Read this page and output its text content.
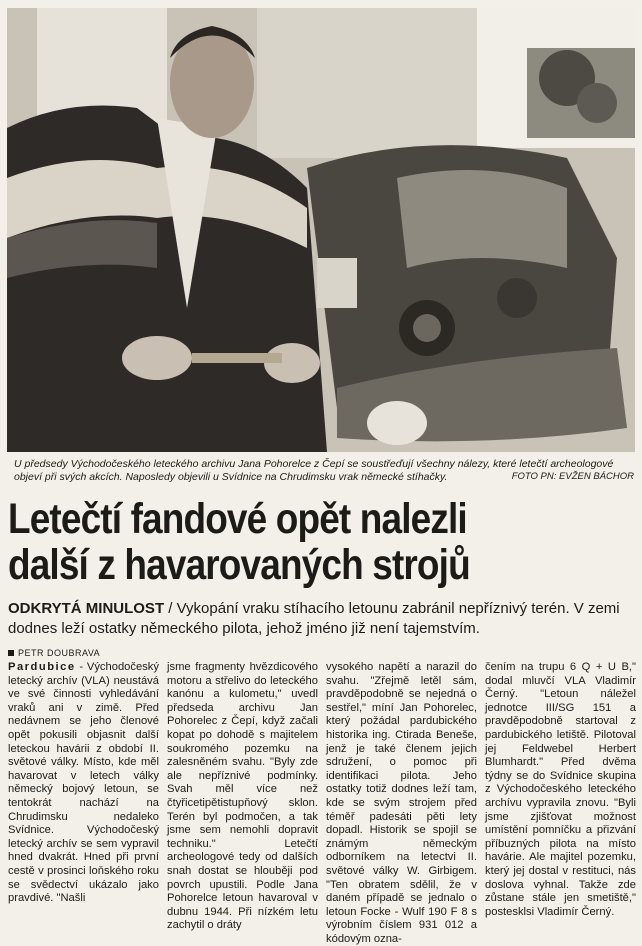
U předsedy Východočeského leteckého archivu Jana Pohorelce z Čepí se soustřeďují všechny nálezy, které letečtí archeologové objeví při svých akcích. Naposledy objevili u Svídnice na Chrudimsku vrak německé stíhačky.	FOTO PN: EVŽEN BÁCHOR
Letečtí fandové opět nalezli
další z havarovaných strojů
ODKRYTÁ MINULOST / Vykopání vraku stíhacího letounu zabránil nepříznivý terén. V zemi dodnes leží ostatky německého pilota, jehož jméno již není tajemstvím.
PETR DOUBRAVA

Pardubice - Východočeský letecký archív (VLA) neustává ve své činnosti vyhledávání vraků ani v zimě. Před nedávnem se jeho členové opět pokusili objasnit další leteckou havárii z období II. světové války. Místo, kde měl havarovat v letech války německý bojový letoun, se tentokrát nachází na Chrudimsku nedaleko Svídnice. Východočeský letecký archív se sem vypravil hned dvakrát. Hned při první cestě v prosinci loňského roku se svědectví ukázalo jako pravdivé. "Našli

jsme fragmenty hvězdicového motoru a střelivo do leteckého kanónu a kulometu," uvedl předseda archivu Jan Pohorelec z Čepí, když začali kopat po dohodě s majitelem soukromého pozemku na zalesněném svahu. "Byly zde ale nepříznivé podmínky. Svah měl více než čtyřicetipětistupňový sklon. Terén byl podmočen, a tak jsme sem nemohli dopravit techniku." Letečtí archeologové tedy od dalších snah dostat se hlouběji pod povrch upustili. Podle Jana Pohorelce letoun havaroval v dubnu 1944. Při nízkém letu zachytil o dráty

vysokého napětí a narazil do svahu. "Zřejmě letěl sám, pravděpodobně se nejedná o sestřel," míní Jan Pohorelec, který požádal pardubického historika ing. Ctirada Beneše, jenž je také členem jejich sdružení, o pomoc při identifikaci pilota. Jeho ostatky totiž dodnes leží tam, kde se svým strojem před téměř padesáti pěti lety dopadl. Historik se spojil se známým německým odborníkem na letectvi II. světové války W. Girbigem. "Ten obratem sdělil, že v daném případě se jednalo o letoun Focke - Wulf 190 F 8 s výrobním číslem 931 012 a kódovým ozna-

čením na trupu 6 Q + U B," dodal mluvčí VLA Vladimír Černý. "Letoun náležel jednotce III/SG 151 a pravděpodobně startoval z pardubického letiště. Pilotoval jej Feldwebel Herbert Blumhardt." Před dvěma týdny se do Svídnice skupina z Východočeského leteckého archívu vypravila znovu. "Byli jsme zjišťovat možnost umístění pomníčku a přizvání příbuzných pilota na místo havárie. Ale majitel pozemku, který jej dostal v restituci, nás doslova vyhnal. Takže zde zůstane stále jen smetiště," postesklsi Vladimír Černý.
